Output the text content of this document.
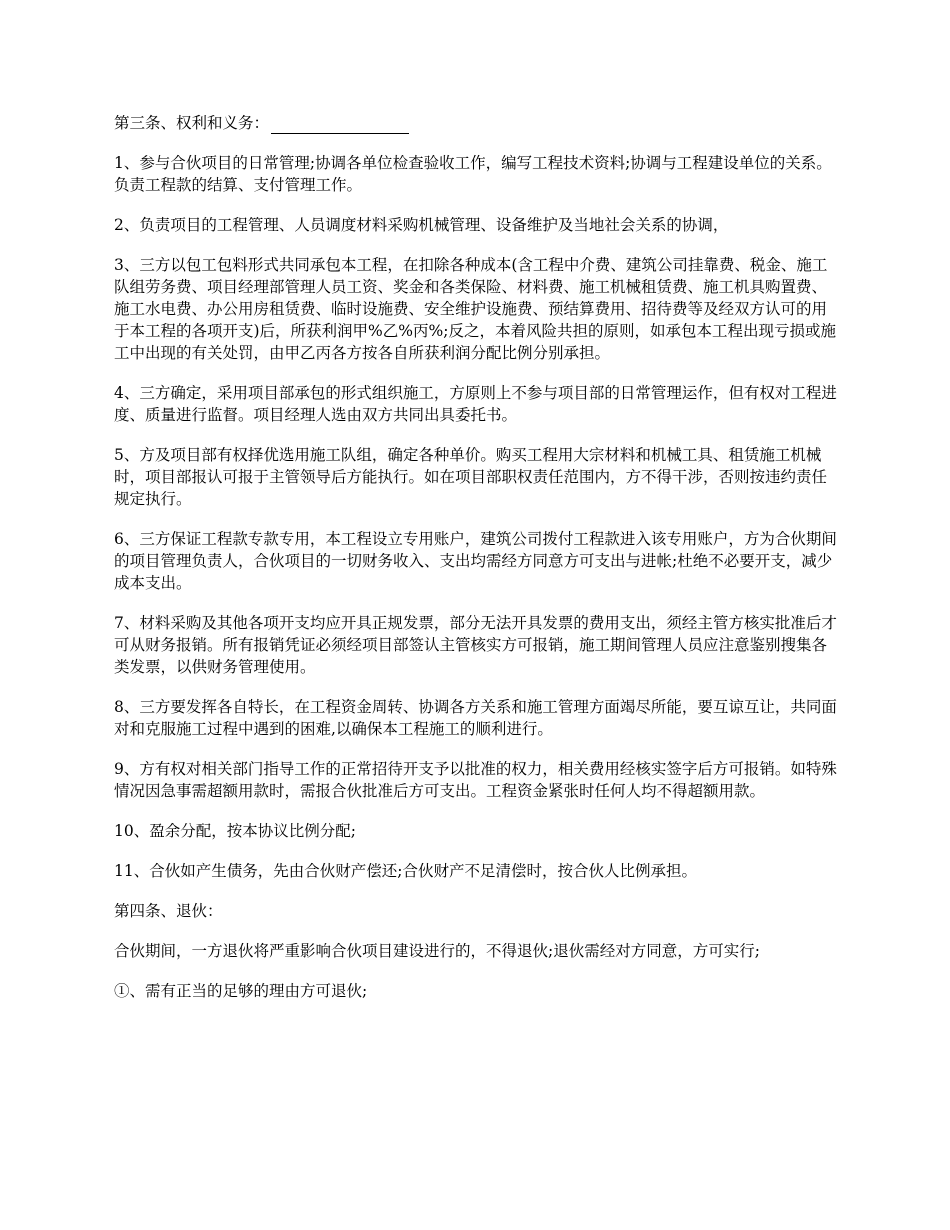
第三条、权利和义务：

1、参与合伙项目的日常管理;协调各单位检查验收工作，编写工程技术资料;协调与工程建设单位的关系。负责工程款的结算、支付管理工作。

2、负责项目的工程管理、人员调度材料采购机械管理、设备维护及当地社会关系的协调，

3、三方以包工包料形式共同承包本工程，在扣除各种成本(含工程中介费、建筑公司挂靠费、税金、施工队组劳务费、项目经理部管理人员工资、奖金和各类保险、材料费、施工机械租赁费、施工机具购置费、施工水电费、办公用房租赁费、临时设施费、安全维护设施费、预结算费用、招待费等及经双方认可的用于本工程的各项开支)后，所获利润甲%乙%丙%;反之，本着风险共担的原则，如承包本工程出现亏损或施工中出现的有关处罚，由甲乙丙各方按各自所获利润分配比例分别承担。

4、三方确定，采用项目部承包的形式组织施工，方原则上不参与项目部的日常管理运作，但有权对工程进度、质量进行监督。项目经理人选由双方共同出具委托书。

5、方及项目部有权择优选用施工队组，确定各种单价。购买工程用大宗材料和机械工具、租赁施工机械时，项目部报认可报于主管领导后方能执行。如在项目部职权责任范围内，方不得干涉，否则按违约责任规定执行。

6、三方保证工程款专款专用，本工程设立专用账户，建筑公司拨付工程款进入该专用账户，方为合伙期间的项目管理负责人，合伙项目的一切财务收入、支出均需经方同意方可支出与进帐;杜绝不必要开支，减少成本支出。

7、材料采购及其他各项开支均应开具正规发票，部分无法开具发票的费用支出，须经主管方核实批准后才可从财务报销。所有报销凭证必须经项目部签认主管核实方可报销，施工期间管理人员应注意鉴别搜集各类发票，以供财务管理使用。

8、三方要发挥各自特长，在工程资金周转、协调各方关系和施工管理方面竭尽所能，要互谅互让，共同面对和克服施工过程中遇到的困难,以确保本工程施工的顺利进行。

9、方有权对相关部门指导工作的正常招待开支予以批准的权力，相关费用经核实签字后方可报销。如特殊情况因急事需超额用款时，需报合伙批准后方可支出。工程资金紧张时任何人均不得超额用款。

10、盈余分配，按本协议比例分配;

11、合伙如产生债务，先由合伙财产偿还;合伙财产不足清偿时，按合伙人比例承担。

第四条、退伙：

合伙期间，一方退伙将严重影响合伙项目建设进行的，不得退伙;退伙需经对方同意，方可实行;

①、需有正当的足够的理由方可退伙;
